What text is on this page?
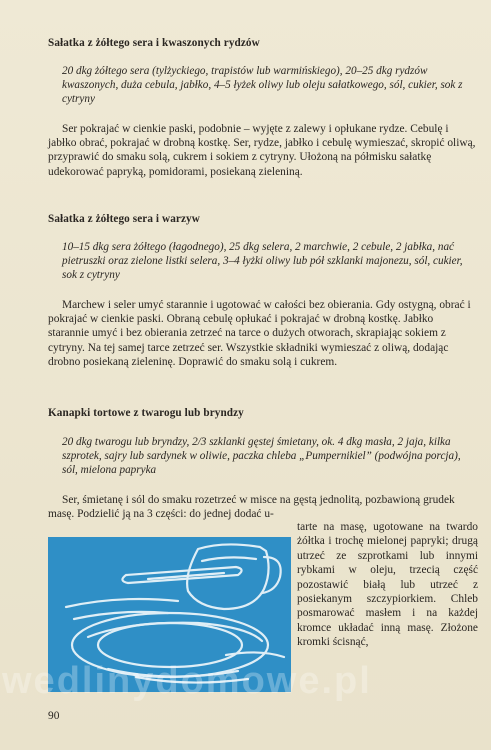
Sałatka z żółtego sera i kwaszonych rydzów
20 dkg żółtego sera (tylżyckiego, trapistów lub warmińskiego), 20–25 dkg rydzów kwaszonych, duża cebula, jabłko, 4–5 łyżek oliwy lub oleju sałatkowego, sól, cukier, sok z cytryny
Ser pokrajać w cienkie paski, podobnie – wyjęte z zalewy i opłukane rydze. Cebulę i jabłko obrać, pokrajać w drobną kostkę. Ser, rydze, jabłko i cebulę wymieszać, skropić oliwą, przyprawić do smaku solą, cukrem i sokiem z cytryny. Ułożoną na półmisku sałatkę udekorować papryką, pomidorami, posiekaną zieleniną.
Sałatka z żółtego sera i warzyw
10–15 dkg sera żółtego (łagodnego), 25 dkg selera, 2 marchwie, 2 cebule, 2 jabłka, nać pietruszki oraz zielone listki selera, 3–4 łyżki oliwy lub pół szklanki majonezu, sól, cukier, sok z cytryny
Marchew i seler umyć starannie i ugotować w całości bez obierania. Gdy ostygną, obrać i pokrajać w cienkie paski. Obraną cebulę opłukać i pokrajać w drobną kostkę. Jabłko starannie umyć i bez obierania zetrzeć na tarce o dużych otworach, skrapiając sokiem z cytryny. Na tej samej tarce zetrzeć ser. Wszystkie składniki wymieszać z oliwą, dodając drobno posiekaną zieleninę. Doprawić do smaku solą i cukrem.
Kanapki tortowe z twarogu lub bryndzy
20 dkg twarogu lub bryndzy, 2/3 szklanki gęstej śmietany, ok. 4 dkg masła, 2 jaja, kilka szprotek, sajry lub sardynek w oliwie, paczka chleba „Pumpernikiel” (podwójna porcja), sól, mielona papryka
Ser, śmietanę i sól do smaku rozetrzeć w misce na gęstą jednolitą, pozbawioną grudek masę. Podzielić ją na 3 części: do jednej dodać u-
tarte na masę, ugotowane na twardo żółtka i trochę mielonej papryki; drugą utrzeć ze szprotkami lub innymi rybkami w oleju, trzecią część pozostawić białą lub utrzeć z posiekanym szczypiorkiem. Chleb posmarować masłem i na każdej kromce układać inną masę. Złożone kromki ścisnąć,
90
wedlinydomowe.pl
